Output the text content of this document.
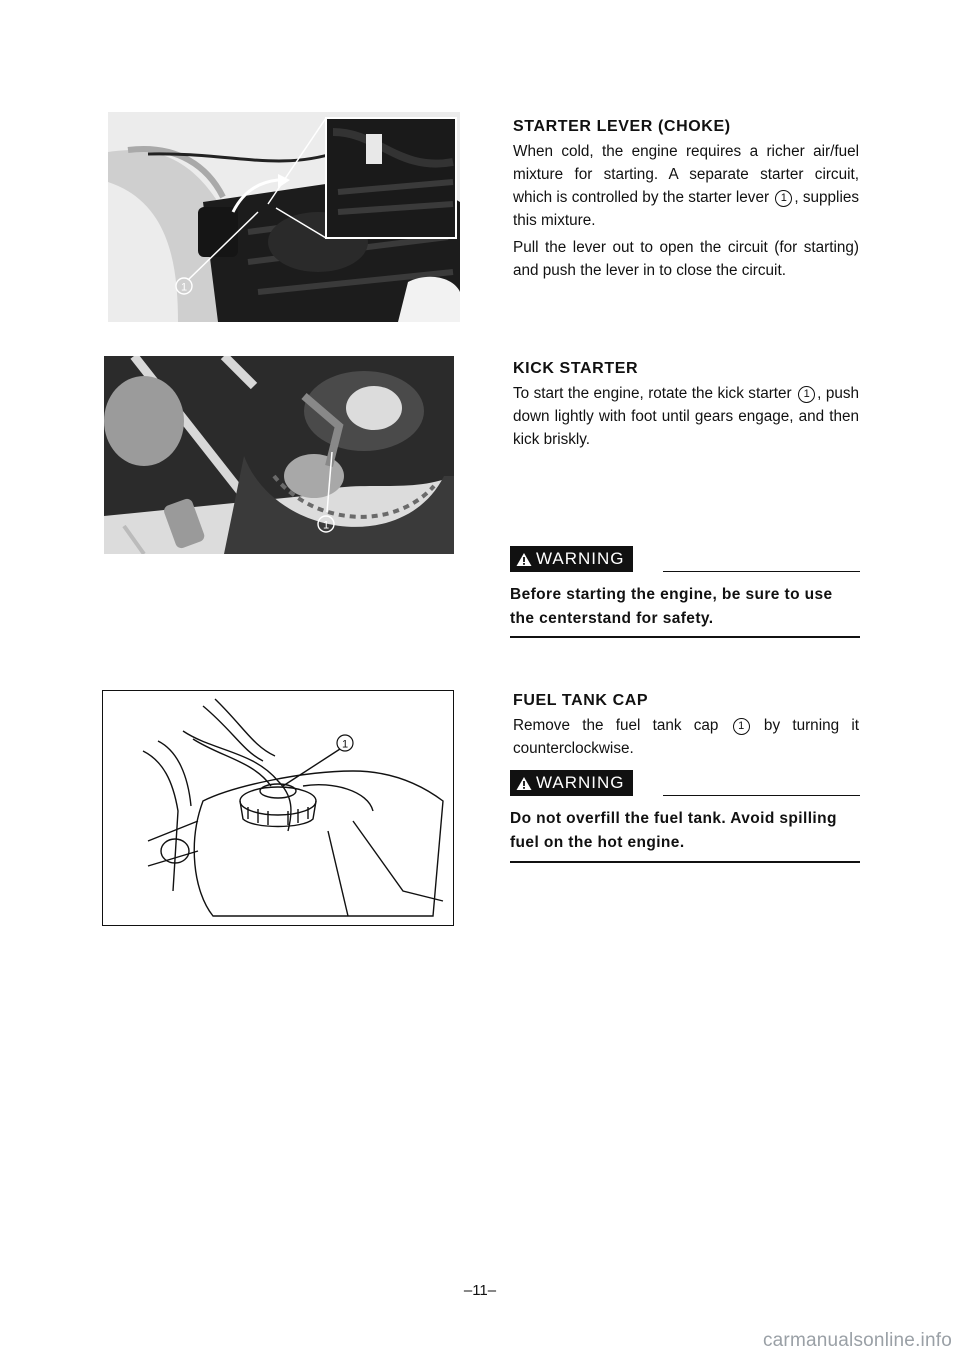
1
1
1
STARTER LEVER (CHOKE)

When cold, the engine requires a richer air/fuel mixture for starting. A separate starter circuit, which is controlled by the starter lever 1 , supplies this mixture.

Pull the lever out to open the circuit (for starting) and push the lever in to close the circuit.

KICK STARTER

To start the engine, rotate the kick starter 1 , push down lightly with foot until gears engage, and then kick briskly.

WARNING
Before starting the engine, be sure to use the centerstand for safety.
FUEL TANK CAP

Remove the fuel tank cap 1 by turning it counterclockwise.

WARNING
Do not overfill the fuel tank. Avoid spilling fuel on the hot engine.
–11–
carmanualsonline.info
